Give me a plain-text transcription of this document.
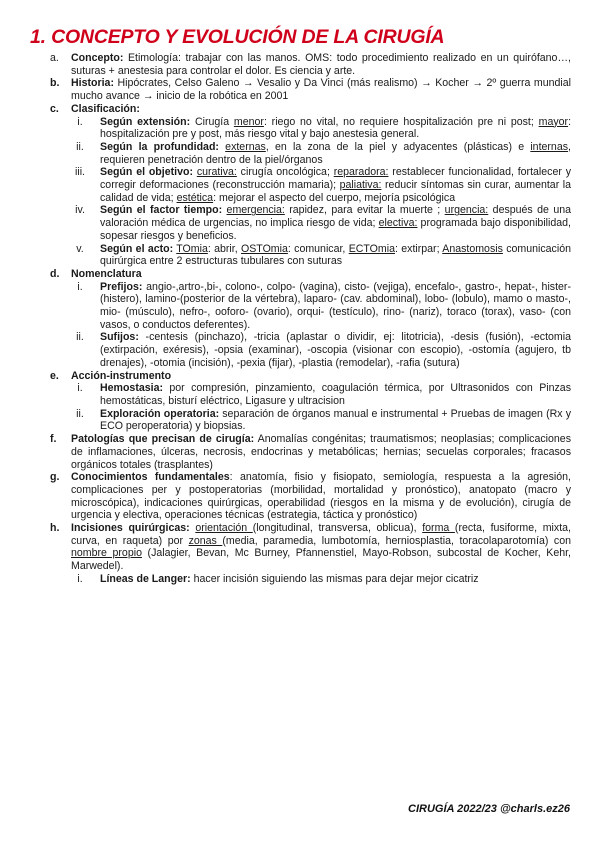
1. CONCEPTO Y EVOLUCIÓN DE LA CIRUGÍA
a. Concepto: Etimología: trabajar con las manos. OMS: todo procedimiento realizado en un quirófano…, suturas + anestesia para controlar el dolor. Es ciencia y arte.
b. Historia: Hipócrates, Celso Galeno → Vesalio y Da Vinci (más realismo) → Kocher → 2º guerra mundial mucho avance → inicio de la robótica en 2001
c. Clasificación:
i.	Según extensión: Cirugía menor: riego no vital, no requiere hospitalización pre ni post; mayor: hospitalización pre y post, más riesgo vital y bajo anestesia general.
ii.	Según la profundidad: externas, en la zona de la piel y adyacentes (plásticas) e internas, requieren penetración dentro de la piel/órganos
iii.	Según el objetivo: curativa: cirugía oncológica; reparadora: restablecer funcionalidad, fortalecer y corregir deformaciones (reconstrucción mamaria); paliativa: reducir síntomas sin curar, aumentar la calidad de vida; estética: mejorar el aspecto del cuerpo, mejoría psicológica
iv.	Según el factor tiempo: emergencia: rapidez, para evitar la muerte ; urgencia: después de una valoración médica de urgencias, no implica riesgo de vida; electiva: programada bajo disponibilidad, sopesar riesgos y beneficios.
v.	Según el acto: TOmia: abrir, OSTOmia: comunicar, ECTOmia: extirpar; Anastomosis comunicación quirúrgica entre 2 estructuras tubulares con suturas
d. Nomenclatura
i.	Prefijos: angio-,artro-,bi-, colono-, colpo- (vagina), cisto- (vejiga), encefalo-, gastro-, hepat-, hister-(histero), lamino-(posterior de la vértebra), laparo- (cav. abdominal), lobo- (lobulo), mamo o masto-, mio- (músculo), nefro-, ooforo- (ovario), orqui- (testículo), rino- (nariz), toraco (torax), vaso- (con vasos, o conductos deferentes).
ii.	Sufijos: -centesis (pinchazo), -tricia (aplastar o dividir, ej: litotricia), -desis (fusión), -ectomia (extirpación, exéresis), -opsia (examinar), -oscopia (visionar con escopio), -ostomía (agujero, tb drenajes), -otomia (incisión), -pexia (fijar), -plastia (remodelar), -rafia (sutura)
e. Acción-instrumento
i.	Hemostasia: por compresión, pinzamiento, coagulación térmica, por Ultrasonidos con Pinzas hemostáticas, bisturí eléctrico, Ligasure y ultracision
ii.	Exploración operatoria: separación de órganos manual e instrumental + Pruebas de imagen (Rx y ECO peroperatoria) y biopsias.
f. Patologías que precisan de cirugía: Anomalías congénitas; traumatismos; neoplasias; complicaciones de inflamaciones, úlceras, necrosis, endocrinas y metabólicas; hernias; secuelas corporales; fracasos orgánicos totales (trasplantes)
g. Conocimientos fundamentales: anatomía, fisio y fisiopato, semiología, respuesta a la agresión, complicaciones per y postoperatorias (morbilidad, mortalidad y pronóstico), anatopato (macro y microscópica), indicaciones quirúrgicas, operabilidad (riesgos en la misma y de evolución), cirugía de urgencia y electiva, operaciones técnicas (estrategia, táctica y pronóstico)
h. Incisiones quirúrgicas: orientación (longitudinal, transversa, oblicua), forma (recta, fusiforme, mixta, curva, en raqueta) por zonas (media, paramedia, lumbotomía, herniosplastia, toracolaparotomía) con nombre propio (Jalagier, Bevan, Mc Burney, Pfannenstiel, Mayo-Robson, subcostal de Kocher, Kehr, Marwedel).
i.	Líneas de Langer: hacer incisión siguiendo las mismas para dejar mejor cicatriz
CIRUGÍA 2022/23 @charls.ez26
